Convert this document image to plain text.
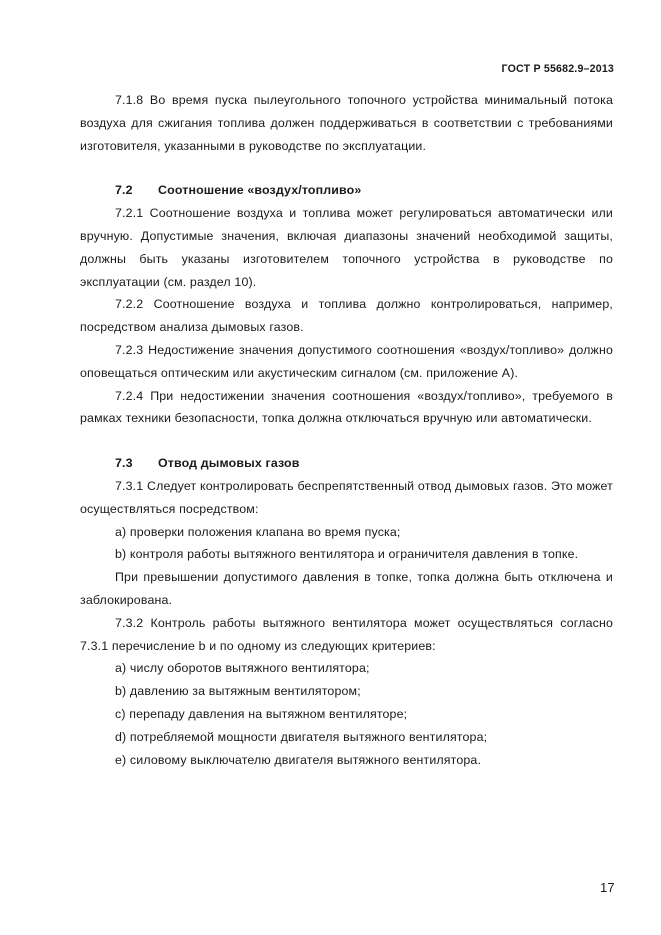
ГОСТ Р 55682.9–2013

7.1.8 Во время пуска пылеугольного топочного устройства минимальный потока воздуха для сжигания топлива должен поддерживаться в соответствии с требованиями изготовителя, указанными в руководстве по эксплуатации.

7.2 Соотношение «воздух/топливо»

7.2.1 Соотношение воздуха и топлива может регулироваться автоматически или вручную. Допустимые значения, включая диапазоны значений необходимой защиты, должны быть указаны изготовителем топочного устройства в руководстве по эксплуатации (см. раздел 10).

7.2.2 Соотношение воздуха и топлива должно контролироваться, например, посредством анализа дымовых газов.

7.2.3 Недостижение значения допустимого соотношения «воздух/топливо» должно оповещаться оптическим или акустическим сигналом (см. приложение А).

7.2.4 При недостижении значения соотношения «воздух/топливо», требуемого в рамках техники безопасности, топка должна отключаться вручную или автоматически.

7.3 Отвод дымовых газов

7.3.1 Следует контролировать беспрепятственный отвод дымовых газов. Это может осуществляться посредством:

a) проверки положения клапана во время пуска;

b) контроля работы вытяжного вентилятора и ограничителя давления в топке.

При превышении допустимого давления в топке, топка должна быть отключена и заблокирована.

7.3.2 Контроль работы вытяжного вентилятора может осуществляться согласно 7.3.1 перечисление b и по одному из следующих критериев:

a) числу оборотов вытяжного вентилятора;

b) давлению за вытяжным вентилятором;

c) перепаду давления на вытяжном вентиляторе;

d) потребляемой мощности двигателя вытяжного вентилятора;

e) силовому выключателю двигателя вытяжного вентилятора.

17
